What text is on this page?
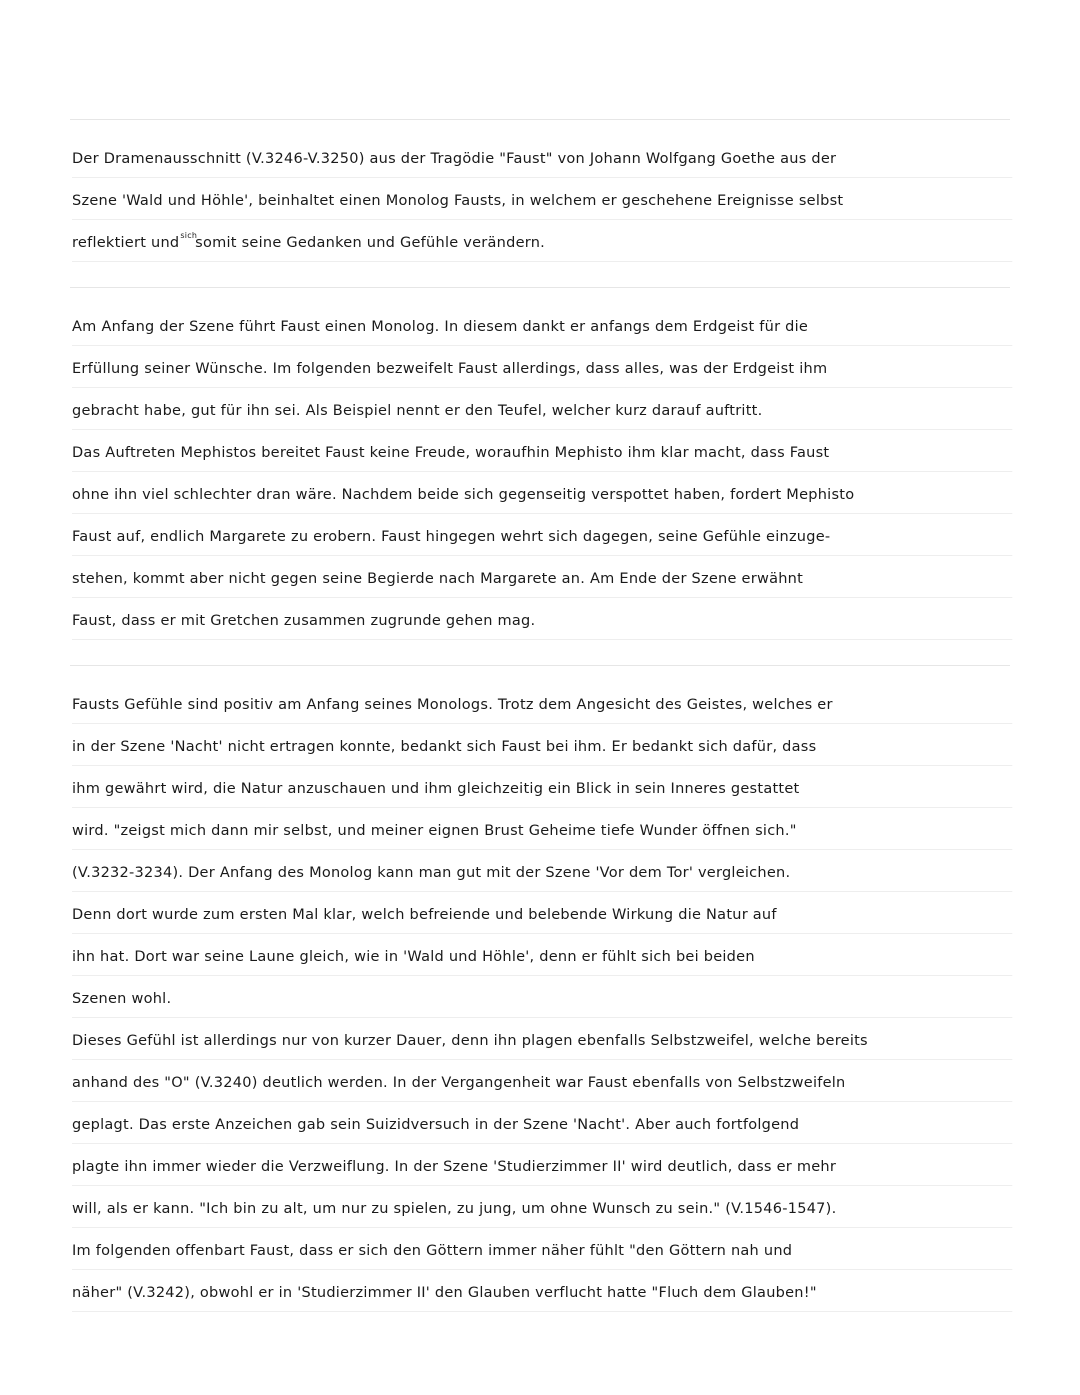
Der Dramenausschnitt (V.3246-V.3250) aus der Tragödie "Faust" von Johann Wolfgang Goethe aus der
Szene 'Wald und Höhle', beinhaltet einen Monolog Fausts, in welchem er geschehene Ereignisse selbst
reflektiert undsichsomit seine Gedanken und Gefühle verändern.
Am Anfang der Szene führt Faust einen Monolog. In diesem dankt er anfangs dem Erdgeist für die
Erfüllung seiner Wünsche. Im folgenden bezweifelt Faust allerdings, dass alles, was der Erdgeist ihm
gebracht habe, gut für ihn sei. Als Beispiel nennt er den Teufel, welcher kurz darauf auftritt.
Das Auftreten Mephistos bereitet Faust keine Freude, woraufhin Mephisto ihm klar macht, dass Faust
ohne ihn viel schlechter dran wäre. Nachdem beide sich gegenseitig verspottet haben, fordert Mephisto
Faust auf, endlich Margarete zu erobern. Faust hingegen wehrt sich dagegen, seine Gefühle einzuge-
stehen, kommt aber nicht gegen seine Begierde nach Margarete an. Am Ende der Szene erwähnt
Faust, dass er mit Gretchen zusammen zugrunde gehen mag.
Fausts Gefühle sind positiv am Anfang seines Monologs. Trotz dem Angesicht des Geistes, welches er
in der Szene 'Nacht' nicht ertragen konnte, bedankt sich Faust bei ihm. Er bedankt sich dafür, dass
ihm gewährt wird, die Natur anzuschauen und ihm gleichzeitig ein Blick in sein Inneres gestattet
wird. "zeigst mich dann mir selbst, und meiner eignen Brust Geheime tiefe Wunder öffnen sich."
(V.3232-3234). Der Anfang des Monolog kann man gut mit der Szene 'Vor dem Tor' vergleichen.
Denn dort wurde zum ersten Mal klar, welch befreiende und belebende Wirkung die Natur auf
ihn hat. Dort war seine Laune gleich, wie in 'Wald und Höhle', denn er fühlt sich bei beiden
Szenen wohl.
Dieses Gefühl ist allerdings nur von kurzer Dauer, denn ihn plagen ebenfalls Selbstzweifel, welche bereits
anhand des "O" (V.3240) deutlich werden. In der Vergangenheit war Faust ebenfalls von Selbstzweifeln
geplagt. Das erste Anzeichen gab sein Suizidversuch in der Szene 'Nacht'. Aber auch fortfolgend
plagte ihn immer wieder die Verzweiflung. In der Szene 'Studierzimmer II' wird deutlich, dass er mehr
will, als er kann. "Ich bin zu alt, um nur zu spielen, zu jung, um ohne Wunsch zu sein." (V.1546-1547).
Im folgenden offenbart Faust, dass er sich den Göttern immer näher fühlt "den Göttern nah und
näher" (V.3242), obwohl er in 'Studierzimmer II' den Glauben verflucht hatte "Fluch dem Glauben!"
